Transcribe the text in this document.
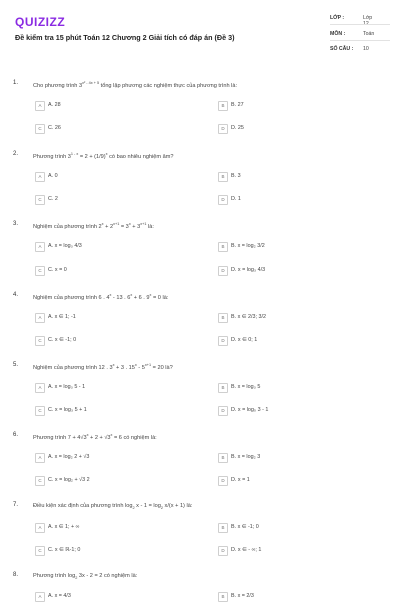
QUIZIZZ
Đề kiểm tra 15 phút Toán 12 Chương 2 Giải tích có đáp án (Đề 3)
LỚP :	Lớp 12
MÔN :	Toán
SỐ CÂU :	10
1.	Cho phương trình $3^{x^2 - 4x + 5}$ tổng lập phương các nghiệm thực của phương trình là:
A	A. 28	B	B. 27
C	C. 26	D	D. 25
2.	Phương trình $3^{1 - x} = 2 + (1/9)^x$ có bao nhiêu nghiệm âm?
A	A. 0	B	B. 3
C	C. 2	D	D. 1
3.	Nghiệm của phương trình $2^x + 2^{x+1} = 3^x + 3^{x+1}$ là:
A	A. x = log₃ 4/3	B	B. x = log₂ 3/2
C	C. x = 0	D	D. x = log₃ 4/3
4.	Nghiệm của phương trình 6 . 4$^x$ - 13 . $6^x + 6$ . $9^x = 0$ là:
A	A. x ∈ 1; -1	B	B. x ∈ 2/3; 3/2
C	C. x ∈ -1; 0	D	D. x ∈ 0; 1
5.	Nghiệm của phương trình 12 . $3^x + 3$ . $15^x - 5^{x+1} = 20$ là?
A	A. x = log₃ 5 - 1	B	B. x = log₃ 5
C	C. x = log₃ 5 + 1	D	D. x = log₅ 3 - 1
6.	Phương trình $7 + 4√3^x + 2 + √3^x = 6$ có nghiệm là:
A	A. x = log₂ 2 + √3	B	B. x = log₂ 3
C	C. x = log₂ + √3 2	D	D. x = 1
7.	Điều kiện xác định của phương trình $\log_2 x - 1 = \log_2 x/(x + 1)$ là:
A	A. x ∈ 1; + ∞	B	B. x ∈ -1; 0
C	C. x ∈ ℝ-1; 0	D	D. x ∈ - ∞; 1
8.	Phương trình $\log_2 3x - 2 = 2$ có nghiệm là:
A	A. x = 4/3	B	B. x = 2/3
